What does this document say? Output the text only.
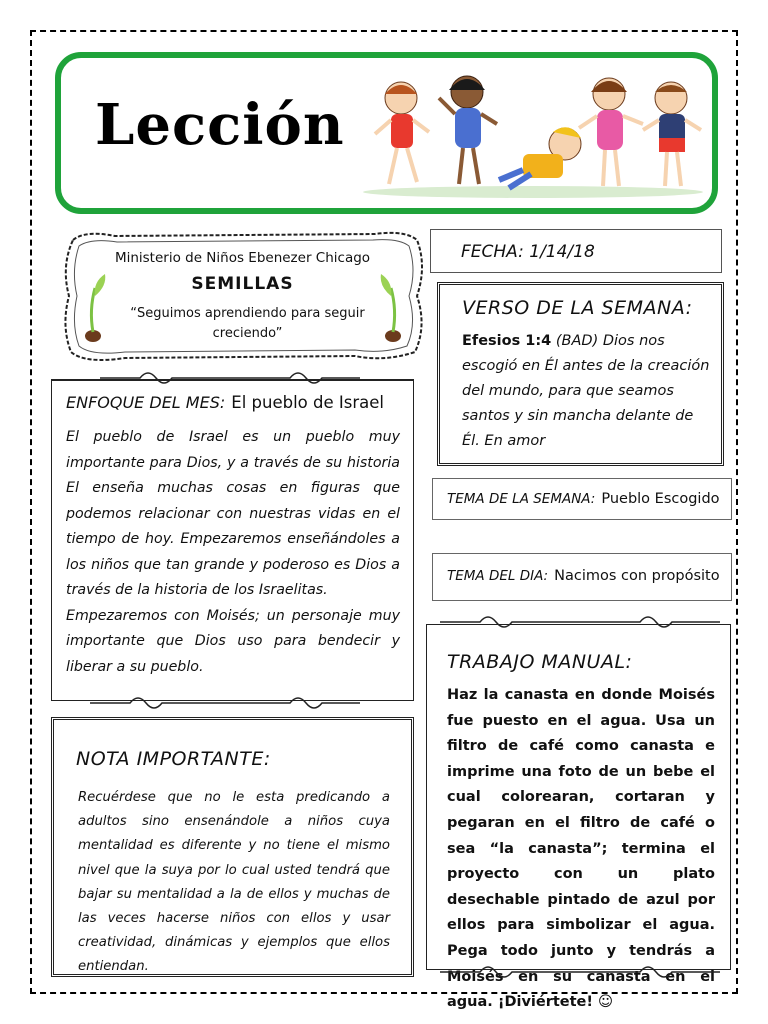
Lección
Ministerio de Niños Ebenezer Chicago
SEMILLAS
“Seguimos aprendiendo para seguir creciendo”
FECHA: 1/14/18
VERSO DE LA SEMANA:
Efesios 1:4 (BAD) Dios nos escogió en Él antes de la creación del mundo, para que seamos santos y sin mancha delante de Él. En amor
TEMA DE LA SEMANA: Pueblo Escogido
TEMA DEL DIA: Nacimos con propósito
ENFOQUE DEL MES: El pueblo de Israel

El pueblo de Israel es un pueblo muy importante para Dios, y a través de su historia El enseña muchas cosas en figuras que podemos relacionar con nuestras vidas en el tiempo de hoy. Empezaremos enseñándoles a los niños que tan grande y poderoso es Dios a través de la historia de los Israelitas.

Empezaremos con Moisés; un personaje muy importante que Dios uso para bendecir y liberar a su pueblo.

NOTA IMPORTANTE:
Recuérdese que no le esta predicando a adultos sino ensenándole a niños cuya mentalidad es diferente y no tiene el mismo nivel que la suya por lo cual usted tendrá que bajar su mentalidad a la de ellos y muchas de las veces hacerse niños con ellos y usar creatividad, dinámicas y ejemplos que ellos entiendan.
TRABAJO MANUAL:
Haz la canasta en donde Moisés fue puesto en el agua. Usa un filtro de café como canasta e imprime una foto de un bebe el cual colorearan, cortaran y pegaran en el filtro de café o sea “la canasta”; termina el proyecto con un plato desechable pintado de azul por ellos para simbolizar el agua. Pega todo junto y tendrás a Moisés en su canasta en el agua. ¡Diviértete! ☺
